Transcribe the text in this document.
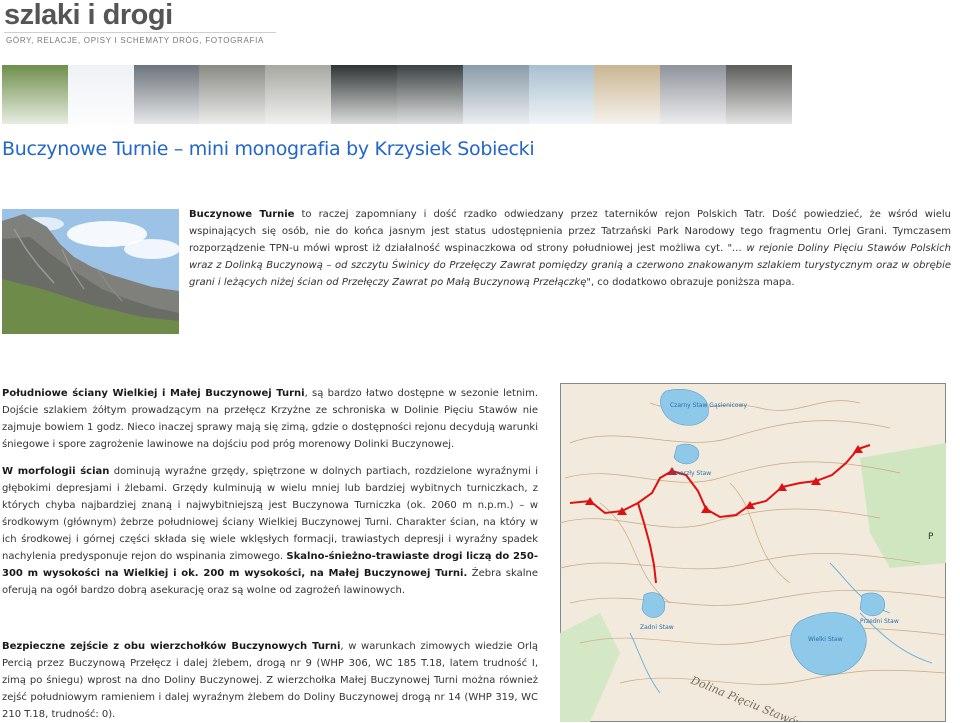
szlaki i drogi
GÓRY, RELACJE, OPISY I SCHEMATY DRÓG, FOTOGRAFIA
Buczynowe Turnie – mini monografia by Krzysiek Sobiecki

Buczynowe Turnie to raczej zapomniany i dość rzadko odwiedzany przez taterników rejon Polskich Tatr. Dość powiedzieć, że wśród wielu wspinających się osób, nie do końca jasnym jest status udostępnienia przez Tatrzański Park Narodowy tego fragmentu Orlej Grani. Tymczasem rozporządzenie TPN-u mówi wprost iż działalność wspinaczkowa od strony południowej jest możliwa cyt. "… w rejonie Doliny Pięciu Stawów Polskich wraz z Dolinką Buczynową – od szczytu Świnicy do Przełęczy Zawrat pomiędzy granią a czerwono znakowanym szlakiem turystycznym oraz w obrębie grani i leżących niżej ścian od Przełęczy Zawrat po Małą Buczynową Przełączkę", co dodatkowo obrazuje poniższa mapa.

Południowe ściany Wielkiej i Małej Buczynowej Turni, są bardzo łatwo dostępne w sezonie letnim. Dojście szlakiem żółtym prowadzącym na przełęcz Krzyżne ze schroniska w Dolinie Pięciu Stawów nie zajmuje bowiem 1 godz. Nieco inaczej sprawy mają się zimą, gdzie o dostępności rejonu decydują warunki śniegowe i spore zagrożenie lawinowe na dojściu pod próg morenowy Dolinki Buczynowej.

W morfologii ścian dominują wyraźne grzędy, spiętrzone w dolnych partiach, rozdzielone wyraźnymi i głębokimi depresjami i żlebami. Grzędy kulminują w wielu mniej lub bardziej wybitnych turniczkach, z których chyba najbardziej znaną i najwybitniejszą jest Buczynowa Turniczka (ok. 2060 m n.p.m.) – w środkowym (głównym) żebrze południowej ściany Wielkiej Buczynowej Turni. Charakter ścian, na który w ich środkowej i górnej części składa się wiele wklęsłych formacji, trawiastych depresji i wyraźny spadek nachylenia predysponuje rejon do wspinania zimowego. Skalno-śnieżno-trawiaste drogi liczą do 250-300 m wysokości na Wielkiej i ok. 200 m wysokości, na Małej Buczynowej Turni. Żebra skalne oferują na ogół bardzo dobrą asekurację oraz są wolne od zagrożeń lawinowych.

Bezpieczne zejście z obu wierzchołków Buczynowych Turni, w warunkach zimowych wiedzie Orlą Percią przez Buczynową Przełęcz i dalej żlebem, drogą nr 9 (WHP 306, WC 185 T.18, latem trudność I, zimą po śniegu) wprost na dno Doliny Buczynowej. Z wierzchołka Małej Buczynowej Turni można również zejść południowym ramieniem i dalej wyraźnym żlebem do Doliny Buczynowej drogą nr 14 (WHP 319, WC 210 T.18, trudność: 0).

Czarny Staw Gąsienicowy
Zmarzły Staw
Zadni Staw
Wielki Staw
Przedni Staw
P
